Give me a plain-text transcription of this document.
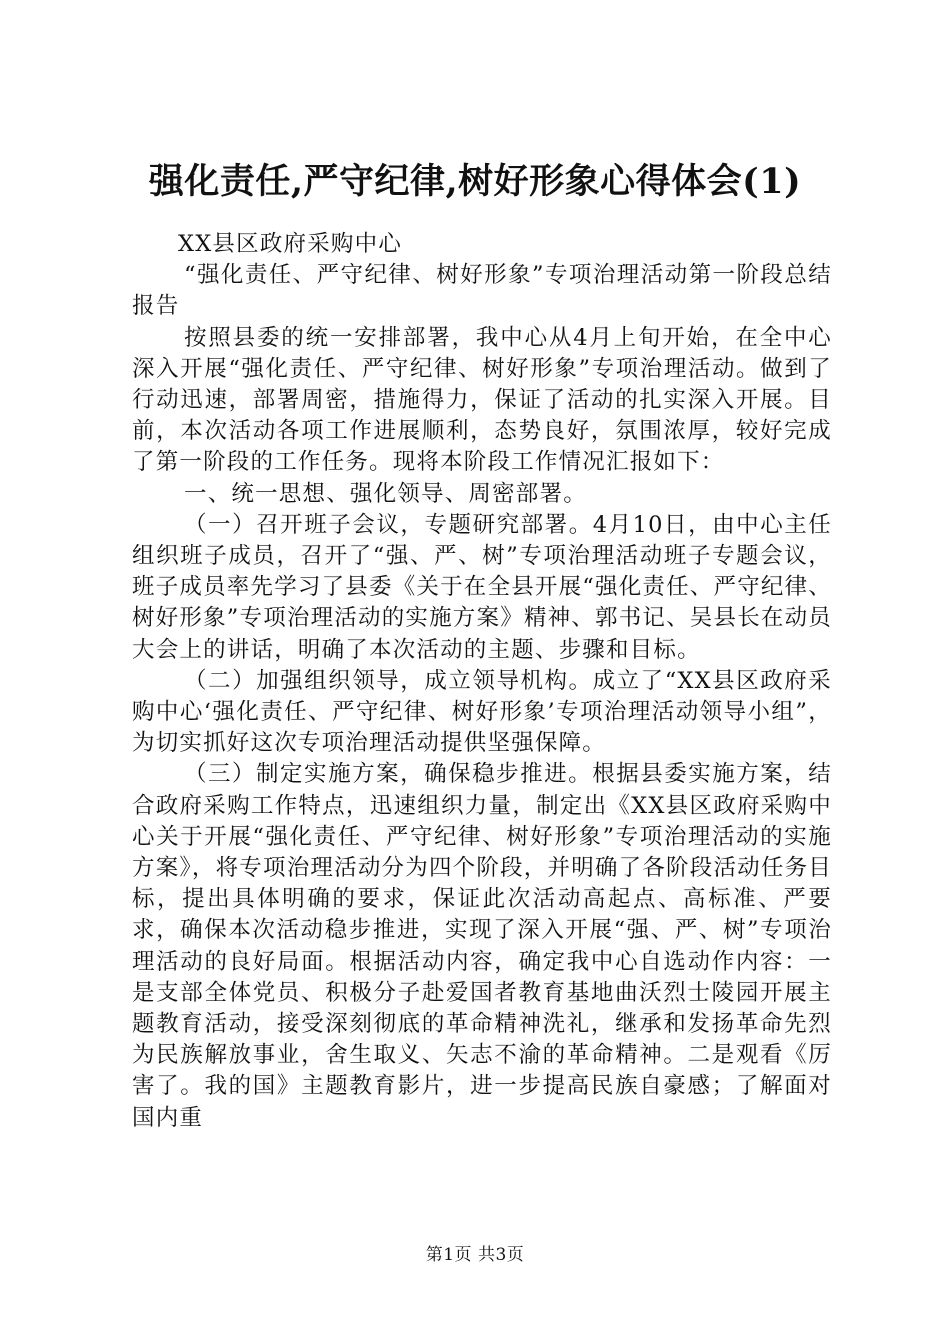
强化责任,严守纪律,树好形象心得体会(1)

XX县区政府采购中心

“强化责任、严守纪律、树好形象”专项治理活动第一阶段总结报告

按照县委的统一安排部署，我中心从4月上旬开始，在全中心深入开展“强化责任、严守纪律、树好形象”专项治理活动。做到了行动迅速，部署周密，措施得力，保证了活动的扎实深入开展。目前，本次活动各项工作进展顺利，态势良好，氛围浓厚，较好完成了第一阶段的工作任务。现将本阶段工作情况汇报如下：

一、统一思想、强化领导、周密部署。

（一）召开班子会议，专题研究部署。4月10日，由中心主任组织班子成员，召开了“强、严、树”专项治理活动班子专题会议，班子成员率先学习了县委《关于在全县开展“强化责任、严守纪律、树好形象”专项治理活动的实施方案》精神、郭书记、吴县长在动员大会上的讲话，明确了本次活动的主题、步骤和目标。

（二）加强组织领导，成立领导机构。成立了“XX县区政府采购中心‘强化责任、严守纪律、树好形象’专项治理活动领导小组”，为切实抓好这次专项治理活动提供坚强保障。

（三）制定实施方案，确保稳步推进。根据县委实施方案，结合政府采购工作特点，迅速组织力量，制定出《XX县区政府采购中心关于开展“强化责任、严守纪律、树好形象”专项治理活动的实施方案》，将专项治理活动分为四个阶段，并明确了各阶段活动任务目标，提出具体明确的要求，保证此次活动高起点、高标准、严要求，确保本次活动稳步推进，实现了深入开展“强、严、树”专项治理活动的良好局面。根据活动内容，确定我中心自选动作内容：一是支部全体党员、积极分子赴爱国者教育基地曲沃烈士陵园开展主题教育活动，接受深刻彻底的革命精神洗礼，继承和发扬革命先烈为民族解放事业，舍生取义、矢志不渝的革命精神。二是观看《厉害了。我的国》主题教育影片，进一步提高民族自豪感；了解面对国内重

第1页 共3页
